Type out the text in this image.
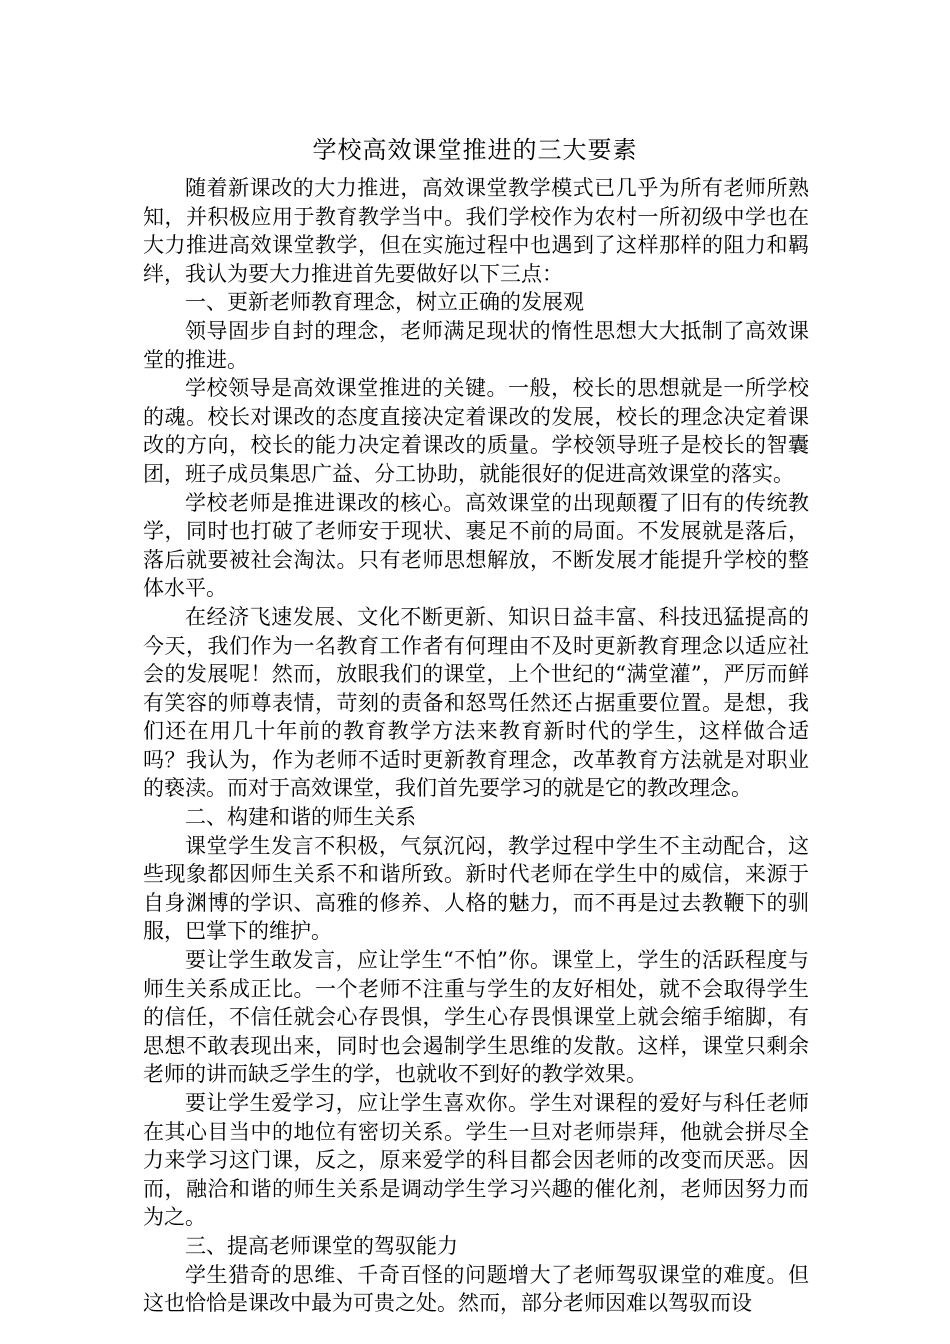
学校高效课堂推进的三大要素

随着新课改的大力推进，高效课堂教学模式已几乎为所有老师所熟知，并积极应用于教育教学当中。我们学校作为农村一所初级中学也在大力推进高效课堂教学，但在实施过程中也遇到了这样那样的阻力和羁绊，我认为要大力推进首先要做好以下三点：

一、更新老师教育理念，树立正确的发展观

领导固步自封的理念，老师满足现状的惰性思想大大抵制了高效课堂的推进。

学校领导是高效课堂推进的关键。一般，校长的思想就是一所学校的魂。校长对课改的态度直接决定着课改的发展，校长的理念决定着课改的方向，校长的能力决定着课改的质量。学校领导班子是校长的智囊团，班子成员集思广益、分工协助，就能很好的促进高效课堂的落实。

学校老师是推进课改的核心。高效课堂的出现颠覆了旧有的传统教学，同时也打破了老师安于现状、裹足不前的局面。不发展就是落后，落后就要被社会淘汰。只有老师思想解放，不断发展才能提升学校的整体水平。

在经济飞速发展、文化不断更新、知识日益丰富、科技迅猛提高的今天，我们作为一名教育工作者有何理由不及时更新教育理念以适应社会的发展呢！然而，放眼我们的课堂，上个世纪的“满堂灌”，严厉而鲜有笑容的师尊表情，苛刻的责备和怒骂任然还占据重要位置。是想，我们还在用几十年前的教育教学方法来教育新时代的学生，这样做合适吗？我认为，作为老师不适时更新教育理念，改革教育方法就是对职业的亵渎。而对于高效课堂，我们首先要学习的就是它的教改理念。

二、构建和谐的师生关系

课堂学生发言不积极，气氛沉闷，教学过程中学生不主动配合，这些现象都因师生关系不和谐所致。新时代老师在学生中的威信，来源于自身渊博的学识、高雅的修养、人格的魅力，而不再是过去教鞭下的驯服，巴掌下的维护。

要让学生敢发言，应让学生“不怕”你。课堂上，学生的活跃程度与师生关系成正比。一个老师不注重与学生的友好相处，就不会取得学生的信任，不信任就会心存畏惧，学生心存畏惧课堂上就会缩手缩脚，有思想不敢表现出来，同时也会遏制学生思维的发散。这样，课堂只剩余老师的讲而缺乏学生的学，也就收不到好的教学效果。

要让学生爱学习，应让学生喜欢你。学生对课程的爱好与科任老师在其心目当中的地位有密切关系。学生一旦对老师崇拜，他就会拼尽全力来学习这门课，反之，原来爱学的科目都会因老师的改变而厌恶。因而，融洽和谐的师生关系是调动学生学习兴趣的催化剂，老师因努力而为之。

三、提高老师课堂的驾驭能力

学生猎奇的思维、千奇百怪的问题增大了老师驾驭课堂的难度。但这也恰恰是课改中最为可贵之处。然而，部分老师因难以驾驭而设
